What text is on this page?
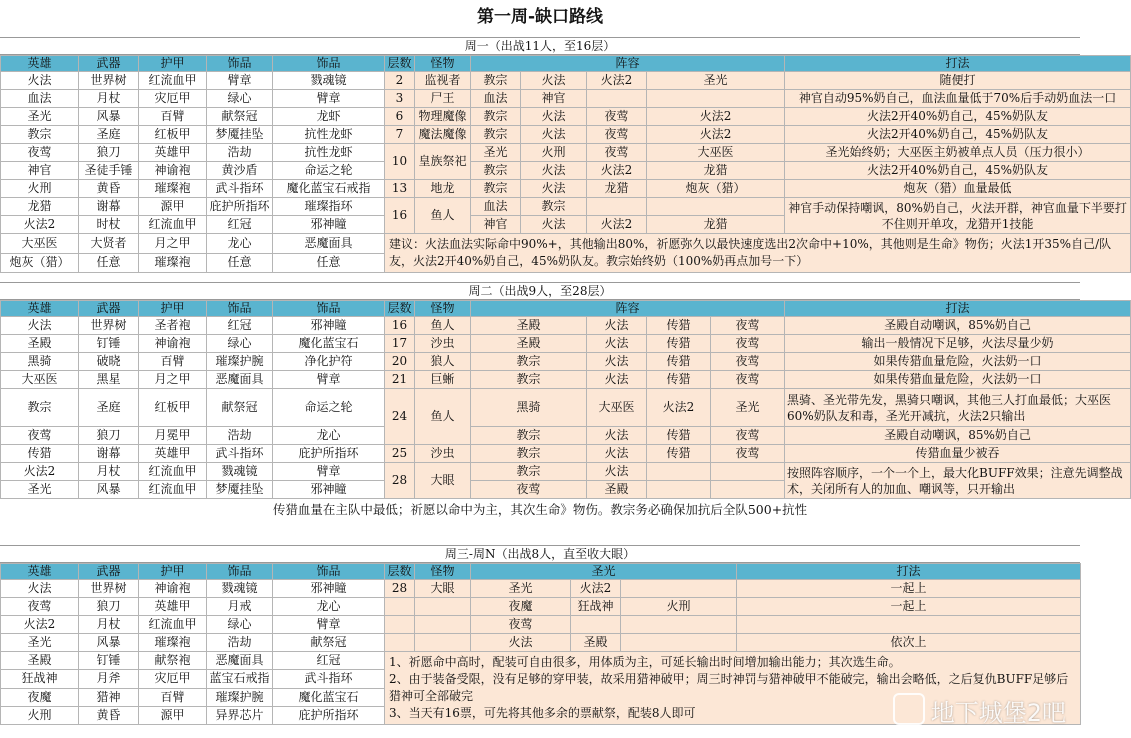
第一周-缺口路线
周一（出战11人，至16层）
英雄	武器	护甲	饰品	饰品	层数	怪物	阵容				打法
火法	世界树	红流血甲	臂章	戮魂镜	2	监视者	教宗	火法	火法2	圣光	随便打
血法	月杖	灾厄甲	绿心	臂章	3	尸王	血法	神官			神官自动95%奶自己，血法血量低于70%后手动奶血法一口
圣光	风暴	百臂	献祭冠	龙虾	6	物理魔像	教宗	火法	夜莺	火法2	火法2开40%奶自己，45%奶队友
教宗	圣庭	红板甲	梦魇挂坠	抗性龙虾	7	魔法魔像	教宗	火法	夜莺	火法2	火法2开40%奶自己，45%奶队友
夜莺	狼刀	英雄甲	浩劫	抗性龙虾	10	皇族祭祀	圣光	火刑	夜莺	大巫医	圣光始终奶；大巫医主奶被单点人员（压力很小）
神官	圣徒手锤	神谕袍	黄沙盾	命运之轮			教宗	火法	火法2	龙猎	火法2开40%奶自己，45%奶队友
火刑	黄昏	璀璨袍	武斗指环	魔化蓝宝石戒指	13	地龙	教宗	火法	龙猎	炮灰（猎）	炮灰（猎）血量最低
龙猎	谢幕	源甲	庇护所指环	璀璨指环	16	鱼人	血法	教宗			神官手动保持嘲讽，80%奶自己，火法开群，神官血量下半要打不住则开单攻，龙猎开1技能
火法2	时杖	红流血甲	红冠	邪神瞳			神官	火法	火法2	龙猎	
大巫医	大贤者	月之甲	龙心	恶魔面具	建议：火法血法实际命中90%+，其他输出80%，祈愿弥久以最快速度选出2次命中+10%，其他则是生命》物伤；火法1开35%自己/队友，火法2开40%奶自己，45%奶队友。教宗始终奶（100%奶再点加号一下）						
炮灰（猎）	任意	璀璨袍	任意	任意							
周二（出战9人，至28层）
英雄	武器	护甲	饰品	饰品	层数	怪物	阵容				打法
火法	世界树	圣者袍	红冠	邪神瞳	16	鱼人	圣殿	火法	传猎	夜莺	圣殿自动嘲讽，85%奶自己
圣殿	钉锤	神谕袍	绿心	魔化蓝宝石	17	沙虫	圣殿	火法	传猎	夜莺	输出一般情况下足够，火法尽量少奶
黑骑	破晓	百臂	璀璨护腕	净化护符	20	狼人	教宗	火法	传猎	夜莺	如果传猎血量危险，火法奶一口
大巫医	黑星	月之甲	恶魔面具	臂章	21	巨蜥	教宗	火法	传猎	夜莺	如果传猎血量危险，火法奶一口
教宗	圣庭	红板甲	献祭冠	命运之轮	24	鱼人	黑骑	大巫医	火法2	圣光	黑骑、圣光带先发，黑骑只嘲讽，其他三人打血最低；大巫医60%奶队友和毒，圣光开减抗，火法2只输出
夜莺	狼刀	月冕甲	浩劫	龙心			教宗	火法	传猎	夜莺	圣殿自动嘲讽，85%奶自己
传猎	谢幕	英雄甲	武斗指环	庇护所指环	25	沙虫	教宗	火法	传猎	夜莺	传猎血量少被吞
火法2	月杖	红流血甲	戮魂镜	臂章	28	大眼	教宗	火法			按照阵容顺序，一个一个上，最大化BUFF效果；注意先调整战术，关闭所有人的加血、嘲讽等，只开输出
圣光	风暴	红流血甲	梦魇挂坠	邪神瞳			夜莺	圣殿			
传猎血量在主队中最低；祈愿以命中为主，其次生命》物伤。教宗务必确保加抗后全队500+抗性
周三-周N（出战8人，直至收大眼）
英雄	武器	护甲	饰品	饰品	层数	怪物	圣光			打法
火法	世界树	神谕袍	戮魂镜	邪神瞳	28	大眼	圣光	火法2		一起上
夜莺	狼刀	英雄甲	月戒	龙心			夜魔	狂战神	火刑	一起上
火法2	月杖	红流血甲	绿心	臂章			夜莺			
圣光	风暴	璀璨袍	浩劫	献祭冠			火法	圣殿		依次上
圣殿	钉锤	献祭袍	恶魔面具	红冠	1、祈愿命中高时，配装可自由很多，用体质为主，可延长输出时间增加输出能力；其次选生命。
2、由于装备受限，没有足够的穿甲装，故采用猎神破甲；周三时神罚与猎神破甲不能破完，输出会略低，之后复仇BUFF足够后猎神可全部破完
3、当天有16票，可先将其他多余的票献祭，配装8人即可					

狂战神	月斧	灾厄甲	蓝宝石戒指	武斗指环						
夜魔	猎神	百臂	璀璨护腕	魔化蓝宝石						
火刑	黄昏	源甲	异界芯片	庇护所指环							地下城堡2吧
